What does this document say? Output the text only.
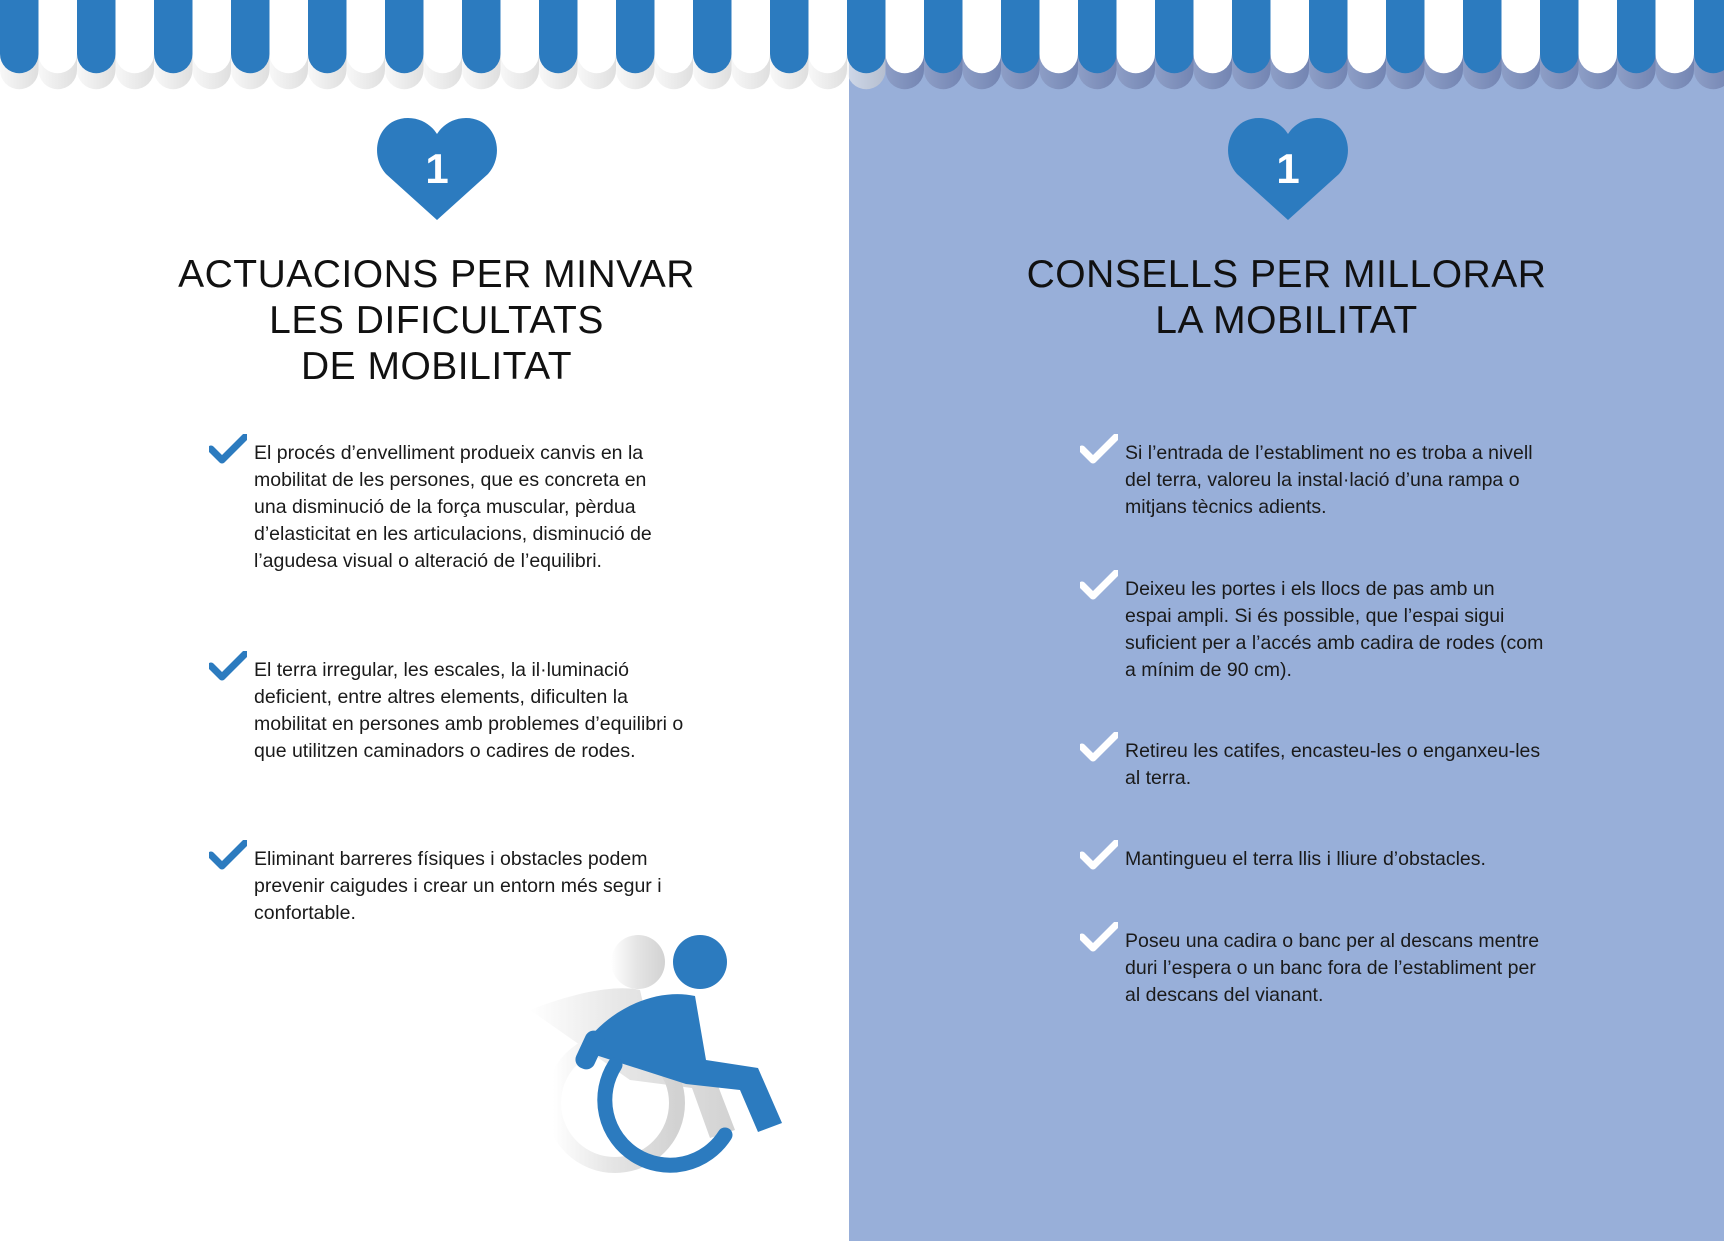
1	1
ACTUACIONS PER MINVAR
LES DIFICULTATS
DE MOBILITAT
CONSELLS PER MILLORAR
LA MOBILITAT

El procés d’envelliment produeix canvis en la mobilitat de les persones, que es concreta en una disminució de la força muscular, pèrdua d’elasticitat en les articulacions, disminució de l’agudesa visual o alteració de l’equilibri.

El terra irregular, les escales, la il·luminació deficient, entre altres elements, dificulten la mobilitat en persones amb problemes d’equilibri o que utilitzen caminadors o cadires de rodes.

Eliminant barreres físiques i obstacles podem prevenir caigudes i crear un entorn més segur i confortable.

Si l’entrada de l’establiment no es troba a nivell del terra, valoreu la instal·lació d’una rampa o mitjans tècnics adients.

Deixeu les portes i els llocs de pas amb un espai ampli. Si és possible, que l’espai sigui suficient per a l’accés amb cadira de rodes (com a mínim de 90 cm).

Retireu les catifes, encasteu-les o enganxeu-les al terra.

Mantingueu el terra llis i lliure d’obstacles.

Poseu una cadira o banc per al descans mentre duri l’espera o un banc fora de l’establiment per al descans del vianant.
